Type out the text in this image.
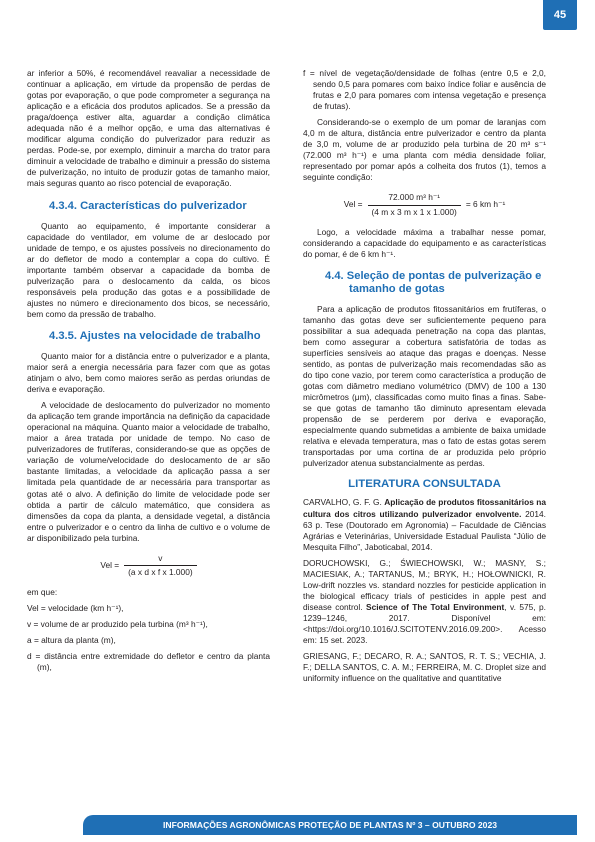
45

ar inferior a 50%, é recomendável reavaliar a necessidade de continuar a aplicação, em virtude da propensão de perdas de gotas por evaporação, o que pode comprometer a segurança na aplicação e a eficácia dos produtos aplicados. Se a pressão da praga/doença estiver alta, aguardar a condição climática adequada não é a melhor opção, e uma das alternativas é modificar alguma condição do pulverizador para reduzir as perdas. Pode-se, por exemplo, diminuir a marcha do trator para diminuir a velocidade de trabalho e diminuir a pressão do sistema de pulverização, no intuito de produzir gotas de tamanho maior, mais seguras quanto ao risco potencial de evaporação.

4.3.4. Características do pulverizador

Quanto ao equipamento, é importante considerar a capacidade do ventilador, em volume de ar deslocado por unidade de tempo, e os ajustes possíveis no direcionamento do ar do defletor de modo a contemplar a copa do cultivo. É importante também observar a capacidade da bomba de pulverização para o deslocamento da calda, os bicos responsáveis pela produção das gotas e a possibilidade de ajustes no número e direcionamento dos bicos, se necessário, bem como da pressão de trabalho.

4.3.5. Ajustes na velocidade de trabalho

Quanto maior for a distância entre o pulverizador e a planta, maior será a energia necessária para fazer com que as gotas atinjam o alvo, bem como maiores serão as perdas oriundas de deriva e evaporação.

A velocidade de deslocamento do pulverizador no momento da aplicação tem grande importância na definição da capacidade operacional na máquina. Quanto maior a velocidade de trabalho, maior a área tratada por unidade de tempo. No caso de pulverizadores de frutíferas, considerando-se que as opções de variação de volume/velocidade do deslocamento de ar são bastante limitadas, a velocidade da aplicação passa a ser limitada pela quantidade de ar necessária para transportar as gotas até o alvo. A definição do limite de velocidade pode ser obtida a partir de cálculo matemático, que considera as dimensões da copa da planta, a densidade vegetal, a distância entre o pulverizador e o centro da linha de cultivo e o volume de ar disponibilizado pela turbina.

Vel = $\frac{v}{\text{(a x d x f x 1.000)}}$

em que:

Vel = velocidade (km h⁻¹),

v = volume de ar produzido pela turbina (m³ h⁻¹),

a = altura da planta (m),

d = distância entre extremidade do defletor e centro da planta (m),

f = nível de vegetação/densidade de folhas (entre 0,5 e 2,0, sendo 0,5 para pomares com baixo índice foliar e ausência de frutas e 2,0 para pomares com intensa vegetação e presença de frutas).

Considerando-se o exemplo de um pomar de laranjas com 4,0 m de altura, distância entre pulverizador e centro da planta de 3,0 m, volume de ar produzido pela turbina de 20 m³ s⁻¹ (72.000 m³ h⁻¹) e uma planta com média densidade foliar, representado por pomar após a colheita dos frutos (1), temos a seguinte condição:

Vel = $\frac{\text{72.000 m³ h⁻¹}}{\text{(4 m x 3 m x 1 x 1.000)}} = 6$ km h⁻¹

Logo, a velocidade máxima a trabalhar nesse pomar, considerando a capacidade do equipamento e as características do pomar, é de 6 km h⁻¹.

4.4. Seleção de pontas de pulverização e tamanho de gotas

Para a aplicação de produtos fitossanitários em frutíferas, o tamanho das gotas deve ser suficientemente pequeno para possibilitar a sua adequada penetração na copa das plantas, bem como assegurar a cobertura satisfatória de todas as superfícies sensíveis ao ataque das pragas e doenças. Nesse sentido, as pontas de pulverização mais recomendadas são as do tipo cone vazio, por terem como característica a produção de gotas com diâmetro mediano volumétrico (DMV) de 100 a 130 micrômetros (μm), classificadas como muito finas a finas. Sabe-se que gotas de tamanho tão diminuto apresentam elevada propensão de se perderem por deriva e evaporação, especialmente quando submetidas a ambiente de baixa umidade relativa e elevada temperatura, mas o fato de estas gotas serem transportadas por uma cortina de ar produzida pelo próprio pulverizador atenua substancialmente as perdas.

LITERATURA CONSULTADA

CARVALHO, G. F. G. Aplicação de produtos fitossanitários na cultura dos citros utilizando pulverizador envolvente. 2014. 63 p. Tese (Doutorado em Agronomia) – Faculdade de Ciências Agrárias e Veterinárias, Universidade Estadual Paulista “Júlio de Mesquita Filho”, Jaboticabal, 2014.

DORUCHOWSKI, G.; ŚWIECHOWSKI, W.; MASNY, S.; MACIESIAK, A.; TARTANUS, M.; BRYK, H.; HOŁOWNICKI, R. Low-drift nozzles vs. standard nozzles for pesticide application in the biological efficacy trials of pesticides in apple pest and disease control. Science of The Total Environment, v. 575, p. 1239–1246, 2017. Disponível em: <https://doi.org/10.1016/J.SCITOTENV.2016.09.200>. Acesso em: 15 set. 2023.

GRIESANG, F.; DECARO, R. A.; SANTOS, R. T. S.; VECHIA, J. F.; DELLA SANTOS, C. A. M.; FERREIRA, M. C. Droplet size and uniformity influence on the qualitative and quantitative

INFORMAÇÕES AGRONÔMICAS PROTEÇÃO DE PLANTAS Nº 3 – OUTUBRO 2023
